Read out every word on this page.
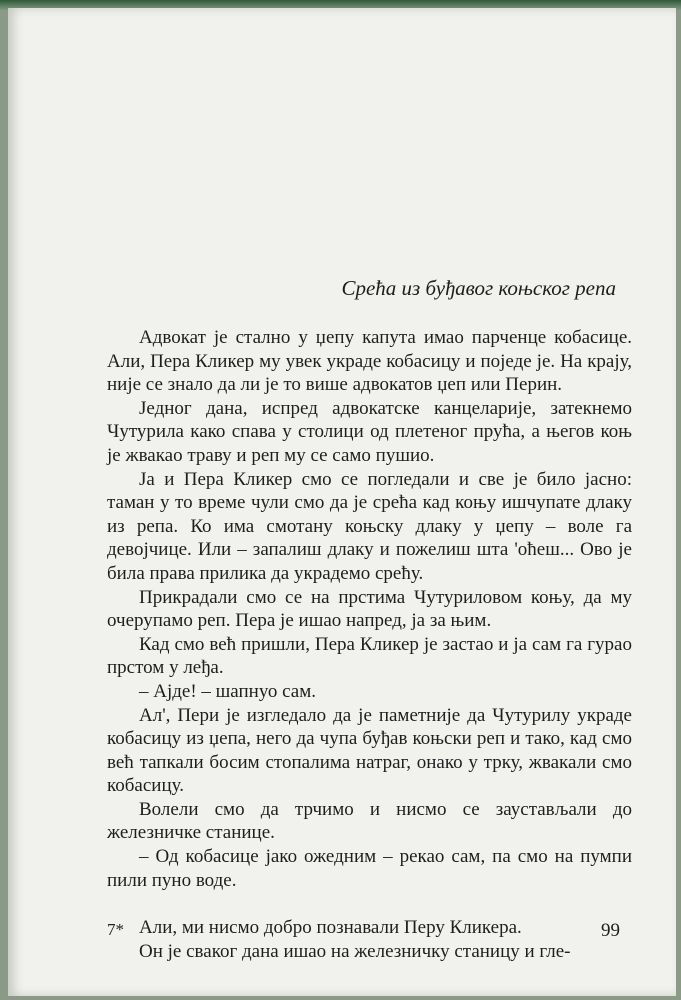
Срећа из буђавог коњског репа

Адвокат је стално у џепу капута имао парченце кобасице. Али, Пера Кликер му увек украде кобасицу и поједе је. На крају, није се знало да ли је то више адвокатов џеп или Перин.

Једног дана, испред адвокатске канцеларије, затекнемо Чутурила како спава у столици од плетеног прућа, а његов коњ је жвакао траву и реп му се само пушио.

Ја и Пера Кликер смо се погледали и све је било јасно: таман у то време чули смо да је срећа кад коњу ишчупате длаку из репа. Ко има смотану коњску длаку у џепу – воле га девојчице. Или – запалиш длаку и пожелиш шта 'оћеш... Ово је била права прилика да украдемо срећу.

Прикрадали смо се на прстима Чутуриловом коњу, да му очерупамо реп. Пера је ишао напред, ја за њим.

Кад смо већ пришли, Пера Кликер је застао и ја сам га гурао прстом у леђа.

– Ајде! – шапнуо сам.

Ал', Пери је изгледало да је паметније да Чутурилу украде кобасицу из џепа, него да чупа буђав коњски реп и тако, кад смо већ тапкали босим стопалима натраг, онако у трку, жвакали смо кобасицу.

Волели смо да трчимо и нисмо се заустављали до железничке станице.

– Од кобасице јако ожедним – рекао сам, па смо на пумпи пили пуно воде.

Али, ми нисмо добро познавали Перу Кликера.

Он је сваког дана ишао на железничку станицу и гле-

7*	99
